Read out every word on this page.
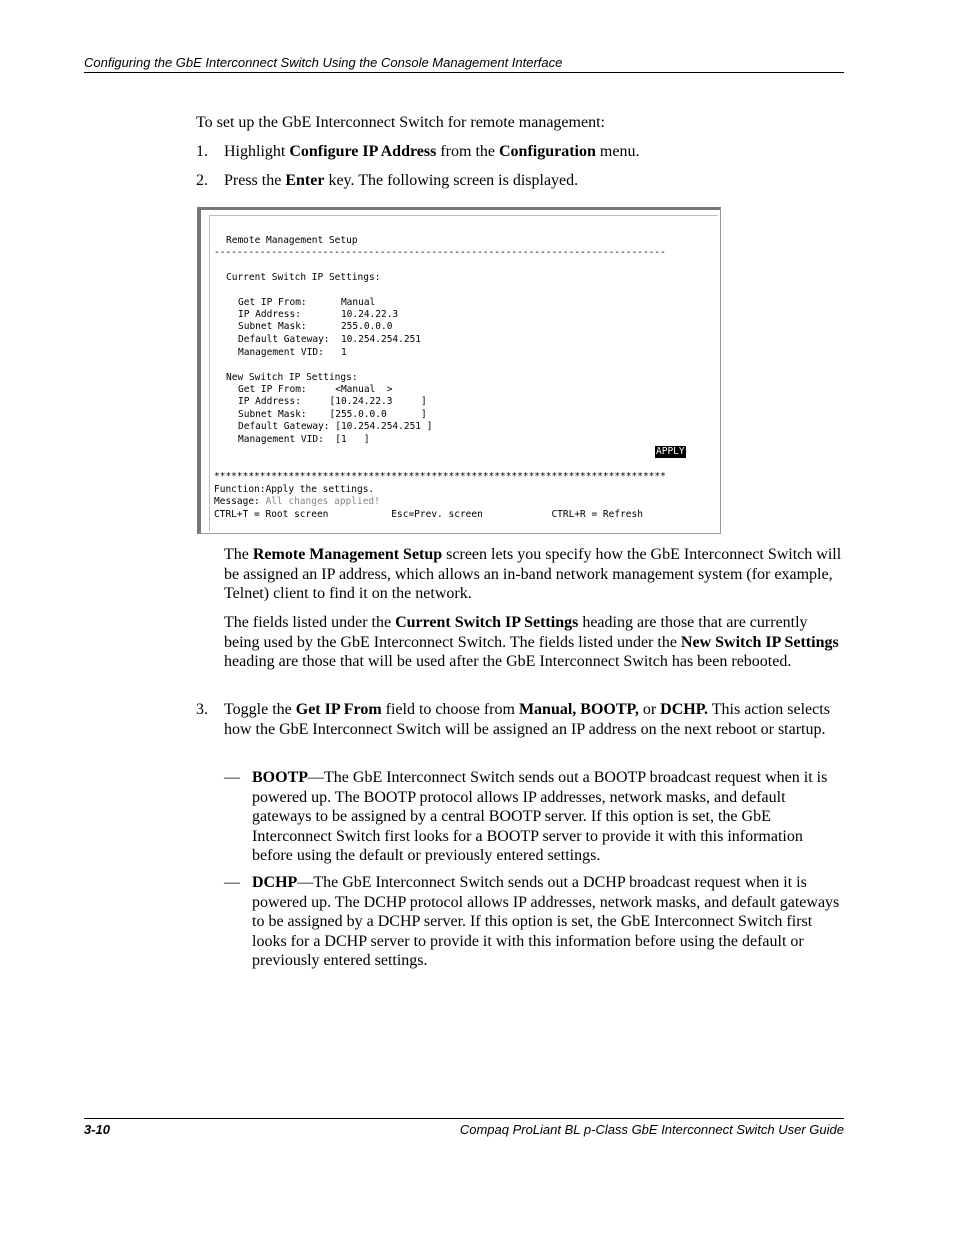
Configuring the GbE Interconnect Switch Using the Console Management Interface
To set up the GbE Interconnect Switch for remote management:
1. Highlight Configure IP Address from the Configuration menu.
2. Press the Enter key. The following screen is displayed.
Remote Management Setup
-------------------------------------------------------------------------------
Current Switch IP Settings:
Get IP From:      Manual
IP Address:       10.24.22.3
Subnet Mask:      255.0.0.0
Default Gateway:  10.254.254.251
Management VID:   1
New Switch IP Settings:
Get IP From:     <Manual  >
IP Address:     [10.24.22.3     ]
Subnet Mask:    [255.0.0.0      ]
Default Gateway: [10.254.254.251 ]
Management VID:  [1   ]
APPLY
*******************************************************************************
Function:Apply the settings.
Message: All changes applied!
CTRL+T = Root screen           Esc=Prev. screen            CTRL+R = Refresh
The Remote Management Setup screen lets you specify how the GbE Interconnect Switch will be assigned an IP address, which allows an in-band network management system (for example, Telnet) client to find it on the network.
The fields listed under the Current Switch IP Settings heading are those that are currently being used by the GbE Interconnect Switch. The fields listed under the New Switch IP Settings heading are those that will be used after the GbE Interconnect Switch has been rebooted.
3.	Toggle the Get IP From field to choose from Manual, BOOTP, or DCHP. This action selects how the GbE Interconnect Switch will be assigned an IP address on the next reboot or startup.
— BOOTP—The GbE Interconnect Switch sends out a BOOTP broadcast request when it is powered up. The BOOTP protocol allows IP addresses, network masks, and default gateways to be assigned by a central BOOTP server. If this option is set, the GbE Interconnect Switch first looks for a BOOTP server to provide it with this information before using the default or previously entered settings.
— DCHP—The GbE Interconnect Switch sends out a DCHP broadcast request when it is powered up. The DCHP protocol allows IP addresses, network masks, and default gateways to be assigned by a DCHP server. If this option is set, the GbE Interconnect Switch first looks for a DCHP server to provide it with this information before using the default or previously entered settings.
3-10	Compaq ProLiant BL p-Class GbE Interconnect Switch User Guide
